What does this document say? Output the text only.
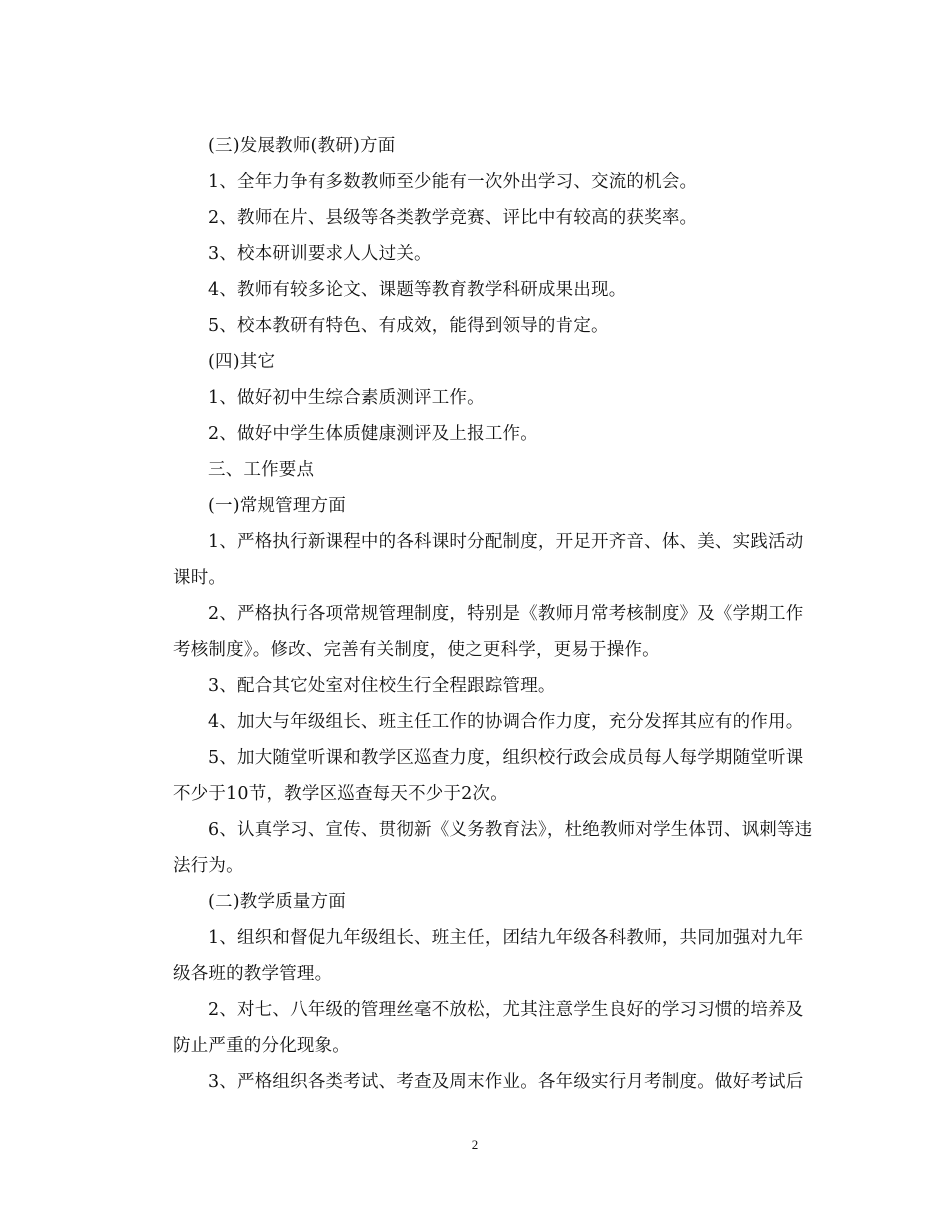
(三)发展教师(教研)方面

1、全年力争有多数教师至少能有一次外出学习、交流的机会。

2、教师在片、县级等各类教学竞赛、评比中有较高的获奖率。

3、校本研训要求人人过关。

4、教师有较多论文、课题等教育教学科研成果出现。

5、校本教研有特色、有成效，能得到领导的肯定。

(四)其它

1、做好初中生综合素质测评工作。

2、做好中学生体质健康测评及上报工作。

三、工作要点

(一)常规管理方面

1、严格执行新课程中的各科课时分配制度，开足开齐音、体、美、实践活动课时。

2、严格执行各项常规管理制度，特别是《教师月常考核制度》及《学期工作考核制度》。修改、完善有关制度，使之更科学，更易于操作。

3、配合其它处室对住校生行全程跟踪管理。

4、加大与年级组长、班主任工作的协调合作力度，充分发挥其应有的作用。

5、加大随堂听课和教学区巡查力度，组织校行政会成员每人每学期随堂听课不少于10节，教学区巡查每天不少于2次。

6、认真学习、宣传、贯彻新《义务教育法》，杜绝教师对学生体罚、讽刺等违法行为。

(二)教学质量方面

1、组织和督促九年级组长、班主任，团结九年级各科教师，共同加强对九年级各班的教学管理。

2、对七、八年级的管理丝毫不放松，尤其注意学生良好的学习习惯的培养及防止严重的分化现象。

3、严格组织各类考试、考查及周末作业。各年级实行月考制度。做好考试后

2
